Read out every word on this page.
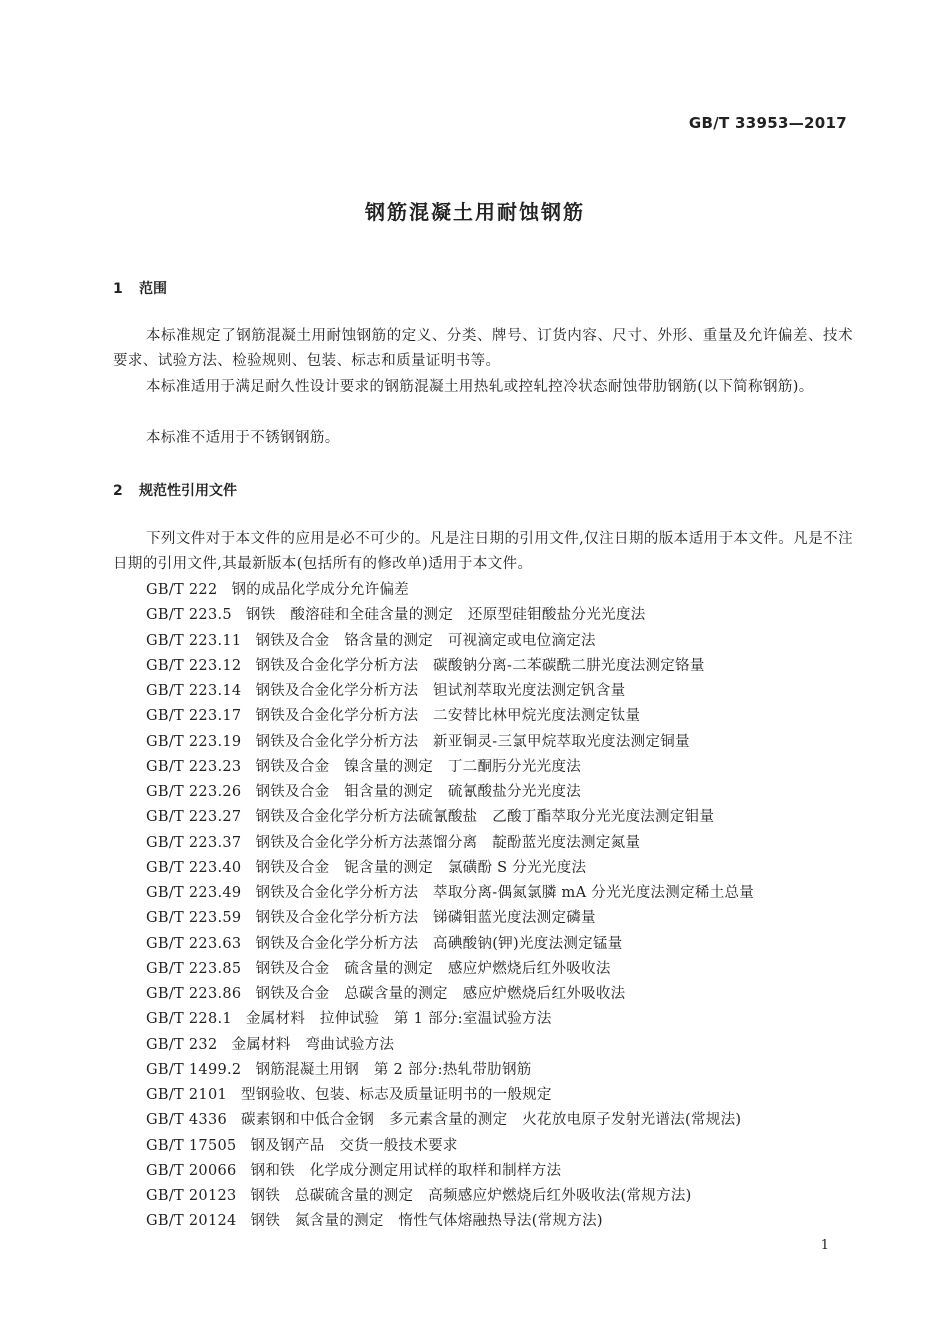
GB/T 33953—2017
钢筋混凝土用耐蚀钢筋
1 范围

本标准规定了钢筋混凝土用耐蚀钢筋的定义、分类、牌号、订货内容、尺寸、外形、重量及允许偏差、技术要求、试验方法、检验规则、包装、标志和质量证明书等。

本标准适用于满足耐久性设计要求的钢筋混凝土用热轧或控轧控冷状态耐蚀带肋钢筋(以下简称钢筋)。

本标准不适用于不锈钢钢筋。

2 规范性引用文件

下列文件对于本文件的应用是必不可少的。凡是注日期的引用文件,仅注日期的版本适用于本文件。凡是不注日期的引用文件,其最新版本(包括所有的修改单)适用于本文件。

GB/T 222 钢的成品化学成分允许偏差
GB/T 223.5 钢铁　酸溶硅和全硅含量的测定　还原型硅钼酸盐分光光度法
GB/T 223.11 钢铁及合金　铬含量的测定　可视滴定或电位滴定法
GB/T 223.12 钢铁及合金化学分析方法　碳酸钠分离-二苯碳酰二肼光度法测定铬量
GB/T 223.14 钢铁及合金化学分析方法　钽试剂萃取光度法测定钒含量
GB/T 223.17 钢铁及合金化学分析方法　二安替比林甲烷光度法测定钛量
GB/T 223.19 钢铁及合金化学分析方法　新亚铜灵-三氯甲烷萃取光度法测定铜量
GB/T 223.23 钢铁及合金　镍含量的测定　丁二酮肟分光光度法
GB/T 223.26 钢铁及合金　钼含量的测定　硫氰酸盐分光光度法
GB/T 223.27 钢铁及合金化学分析方法硫氰酸盐　乙酸丁酯萃取分光光度法测定钼量
GB/T 223.37 钢铁及合金化学分析方法蒸馏分离　靛酚蓝光度法测定氮量
GB/T 223.40 钢铁及合金　铌含量的测定　氯磺酚 S 分光光度法
GB/T 223.49 钢铁及合金化学分析方法　萃取分离-偶氮氯膦 mA 分光光度法测定稀土总量
GB/T 223.59 钢铁及合金化学分析方法　锑磷钼蓝光度法测定磷量
GB/T 223.63 钢铁及合金化学分析方法　高碘酸钠(钾)光度法测定锰量
GB/T 223.85 钢铁及合金　硫含量的测定　感应炉燃烧后红外吸收法
GB/T 223.86 钢铁及合金　总碳含量的测定　感应炉燃烧后红外吸收法
GB/T 228.1 金属材料　拉伸试验　第 1 部分:室温试验方法
GB/T 232 金属材料　弯曲试验方法
GB/T 1499.2 钢筋混凝土用钢　第 2 部分:热轧带肋钢筋
GB/T 2101 型钢验收、包装、标志及质量证明书的一般规定
GB/T 4336 碳素钢和中低合金钢　多元素含量的测定　火花放电原子发射光谱法(常规法)
GB/T 17505 钢及钢产品　交货一般技术要求
GB/T 20066 钢和铁　化学成分测定用试样的取样和制样方法
GB/T 20123 钢铁　总碳硫含量的测定　高频感应炉燃烧后红外吸收法(常规方法)
GB/T 20124 钢铁　氮含量的测定　惰性气体熔融热导法(常规方法)
1
